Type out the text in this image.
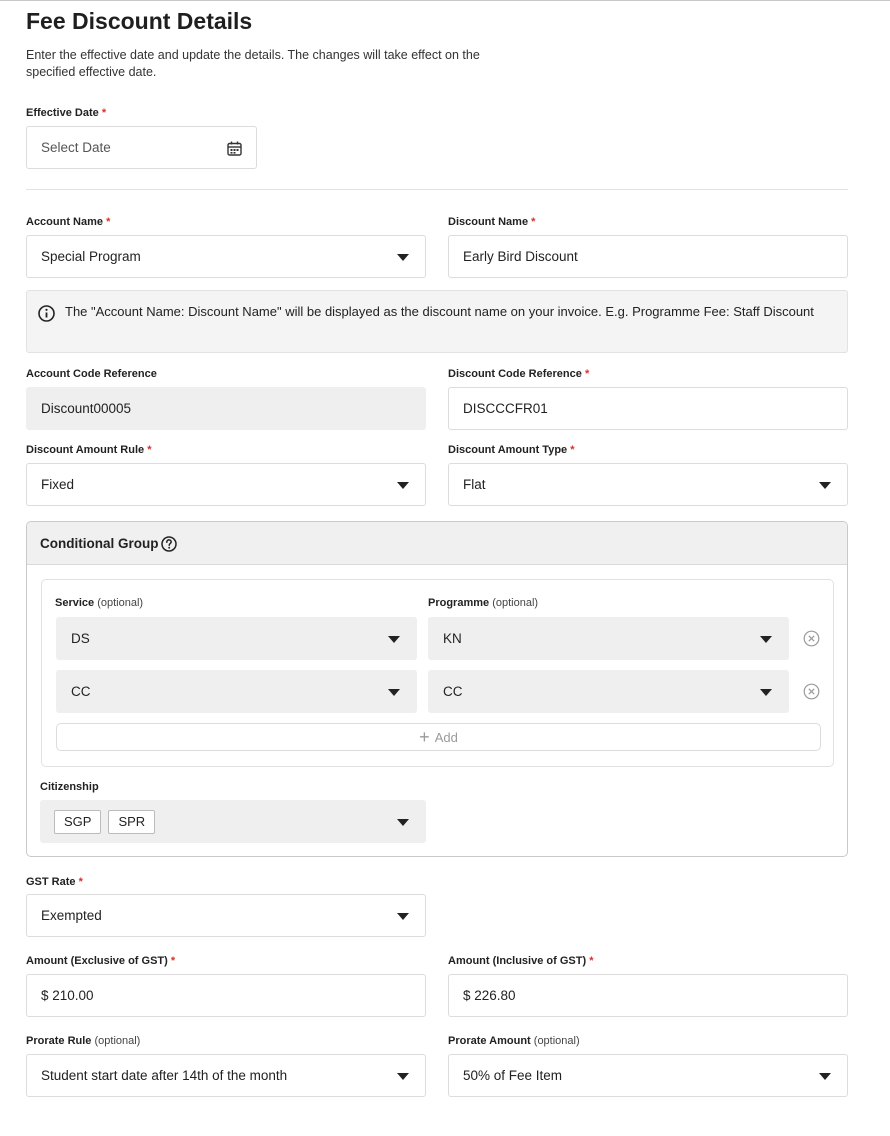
Fee Discount Details

Enter the effective date and update the details. The changes will take effect on the specified effective date.

Effective Date *
Select Date
Account Name *
Special Program
Discount Name *
Early Bird Discount
The "Account Name: Discount Name" will be displayed as the discount name on your invoice. E.g. Programme Fee: Staff Discount
Account Code Reference
Discount00005
Discount Code Reference *
DISCCCFR01
Discount Amount Rule *
Fixed
Discount Amount Type *
Flat
Conditional Group
Service (optional)	Programme (optional)
DS	KN
CC	CC
+ Add
Citizenship
SGP	SPR
GST Rate *
Exempted
Amount (Exclusive of GST) *
$ 210.00
Amount (Inclusive of GST) *
$ 226.80
Prorate Rule (optional)
Student start date after 14th of the month
Prorate Amount (optional)
50% of Fee Item
